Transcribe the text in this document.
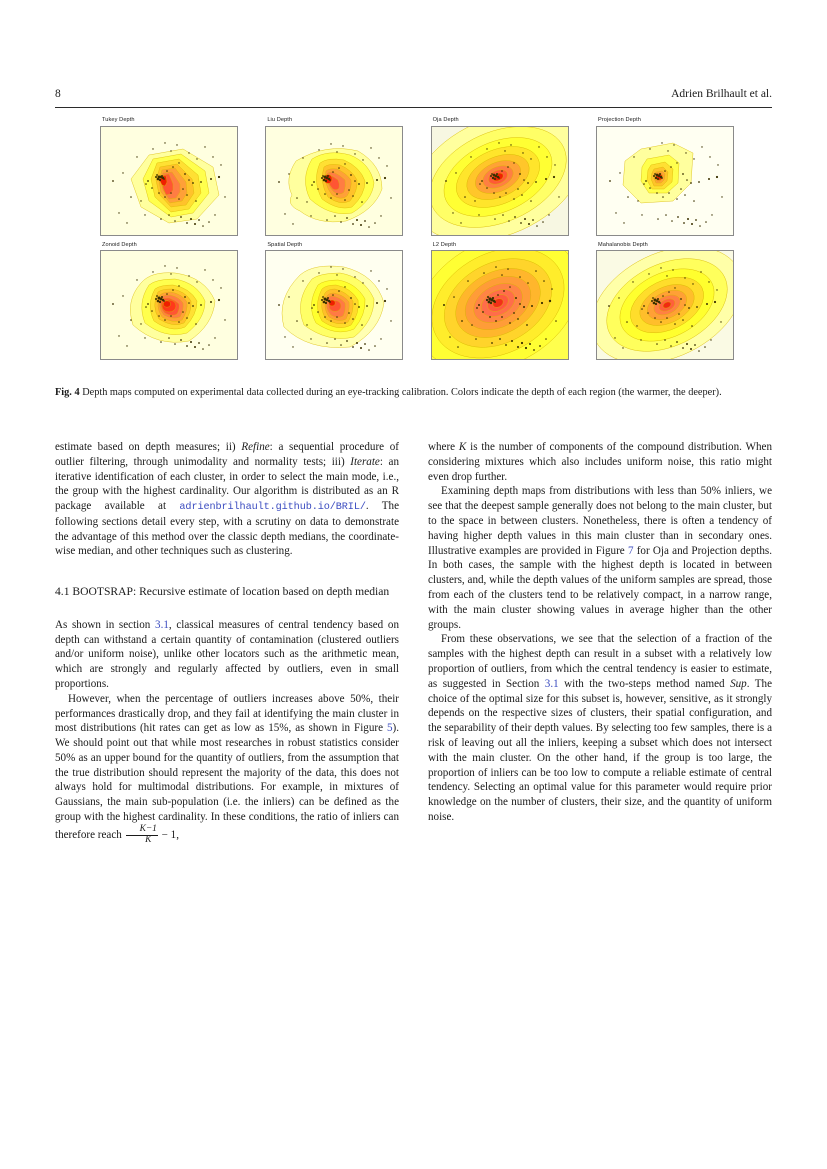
8	Adrien Brilhault et al.
Tukey Depth	Liu Depth	Oja Depth	Projection Depth
Zonoid Depth	Spatial Depth	L2 Depth	Mahalanobis Depth
Fig. 4 Depth maps computed on experimental data collected during an eye-tracking calibration. Colors indicate the depth of each region (the warmer, the deeper).

estimate based on depth measures; ii) Refine: a sequential procedure of outlier filtering, through unimodality and normality tests; iii) Iterate: an iterative identification of each cluster, in order to select the main mode, i.e., the group with the highest cardinality. Our algorithm is distributed as an R package available at adrienbrilhault.github.io/BRIL/. The following sections detail every step, with a scrutiny on data to demonstrate the advantage of this method over the classic depth medians, the coordinate-wise median, and other techniques such as clustering.

4.1 BOOTSRAP: Recursive estimate of location based on depth median

As shown in section 3.1, classical measures of central tendency based on depth can withstand a certain quantity of contamination (clustered outliers and/or uniform noise), unlike other locators such as the arithmetic mean, which are strongly and regularly affected by outliers, even in small proportions.

However, when the percentage of outliers increases above 50%, their performances drastically drop, and they fail at identifying the main cluster in most distributions (hit rates can get as low as 15%, as shown in Figure 5). We should point out that while most researches in robust statistics consider 50% as an upper bound for the quantity of outliers, from the assumption that the true distribution should represent the majority of the data, this does not always hold for multimodal distributions. For example, in mixtures of Gaussians, the main sub-population (i.e. the inliers) can be defined as the group with the highest cardinality. In these conditions, the ratio of inliers can therefore reach $\frac{K-1}{K} - 1$,

where K is the number of components of the compound distribution. When considering mixtures which also includes uniform noise, this ratio might even drop further.

Examining depth maps from distributions with less than 50% inliers, we see that the deepest sample generally does not belong to the main cluster, but to the space in between clusters. Nonetheless, there is often a tendency of having higher depth values in this main cluster than in secondary ones. Illustrative examples are provided in Figure 7 for Oja and Projection depths. In both cases, the sample with the highest depth is located in between clusters, and, while the depth values of the uniform samples are spread, those from each of the clusters tend to be relatively compact, in a narrow range, with the main cluster showing values in average higher than the other groups.

From these observations, we see that the selection of a fraction of the samples with the highest depth can result in a subset with a relatively low proportion of outliers, from which the central tendency is easier to estimate, as suggested in Section 3.1 with the two-steps method named Sup. The choice of the optimal size for this subset is, however, sensitive, as it strongly depends on the respective sizes of clusters, their spatial configuration, and the separability of their depth values. By selecting too few samples, there is a risk of leaving out all the inliers, keeping a subset which does not intersect with the main cluster. On the other hand, if the group is too large, the proportion of inliers can be too low to compute a reliable estimate of central tendency. Selecting an optimal value for this parameter would require prior knowledge on the number of clusters, their size, and the quantity of uniform noise.
